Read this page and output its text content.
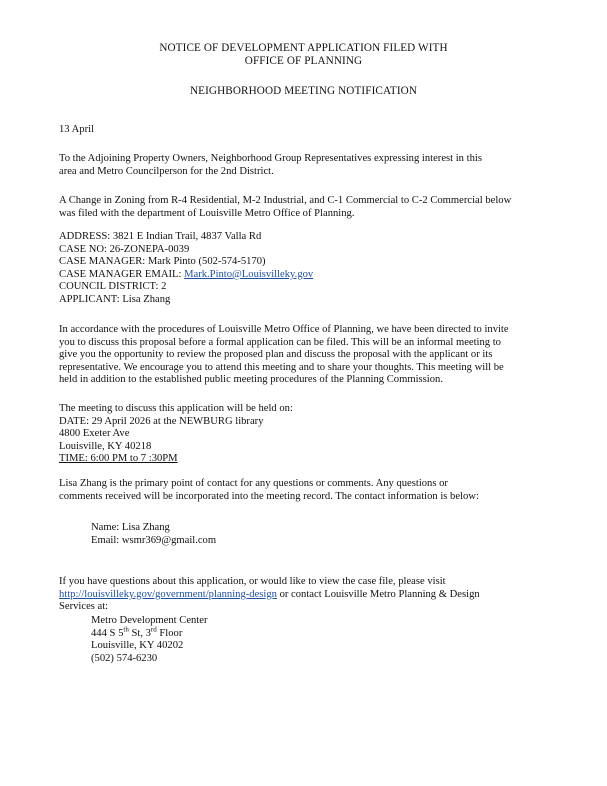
NOTICE OF DEVELOPMENT APPLICATION FILED WITH
OFFICE OF PLANNING
NEIGHBORHOOD MEETING NOTIFICATION
13 April
To the Adjoining Property Owners, Neighborhood Group Representatives expressing interest in this
area and Metro Councilperson for the 2nd District.
A Change in Zoning from R-4 Residential, M-2 Industrial, and C-1 Commercial to C-2 Commercial below
was filed with the department of Louisville Metro Office of Planning.
ADDRESS: 3821 E Indian Trail, 4837 Valla Rd
CASE NO: 26-ZONEPA-0039
CASE MANAGER: Mark Pinto (502-574-5170)
CASE MANAGER EMAIL: Mark.Pinto@Louisvilleky.gov
COUNCIL DISTRICT: 2
APPLICANT: Lisa Zhang
In accordance with the procedures of Louisville Metro Office of Planning, we have been directed to invite
you to discuss this proposal before a formal application can be filed. This will be an informal meeting to
give you the opportunity to review the proposed plan and discuss the proposal with the applicant or its
representative. We encourage you to attend this meeting and to share your thoughts. This meeting will be
held in addition to the established public meeting procedures of the Planning Commission.
The meeting to discuss this application will be held on:
DATE: 29 April 2026 at the NEWBURG library
4800 Exeter Ave
Louisville, KY 40218
TIME: 6:00 PM to 7 :30PM
Lisa Zhang is the primary point of contact for any questions or comments. Any questions or
comments received will be incorporated into the meeting record. The contact information is below:
Name: Lisa Zhang
Email: wsmr369@gmail.com
If you have questions about this application, or would like to view the case file, please visit
http://louisvilleky.gov/government/planning-design or contact Louisville Metro Planning & Design
Services at:
Metro Development Center
444 S 5th St, 3rd Floor
Louisville, KY 40202
(502) 574-6230
